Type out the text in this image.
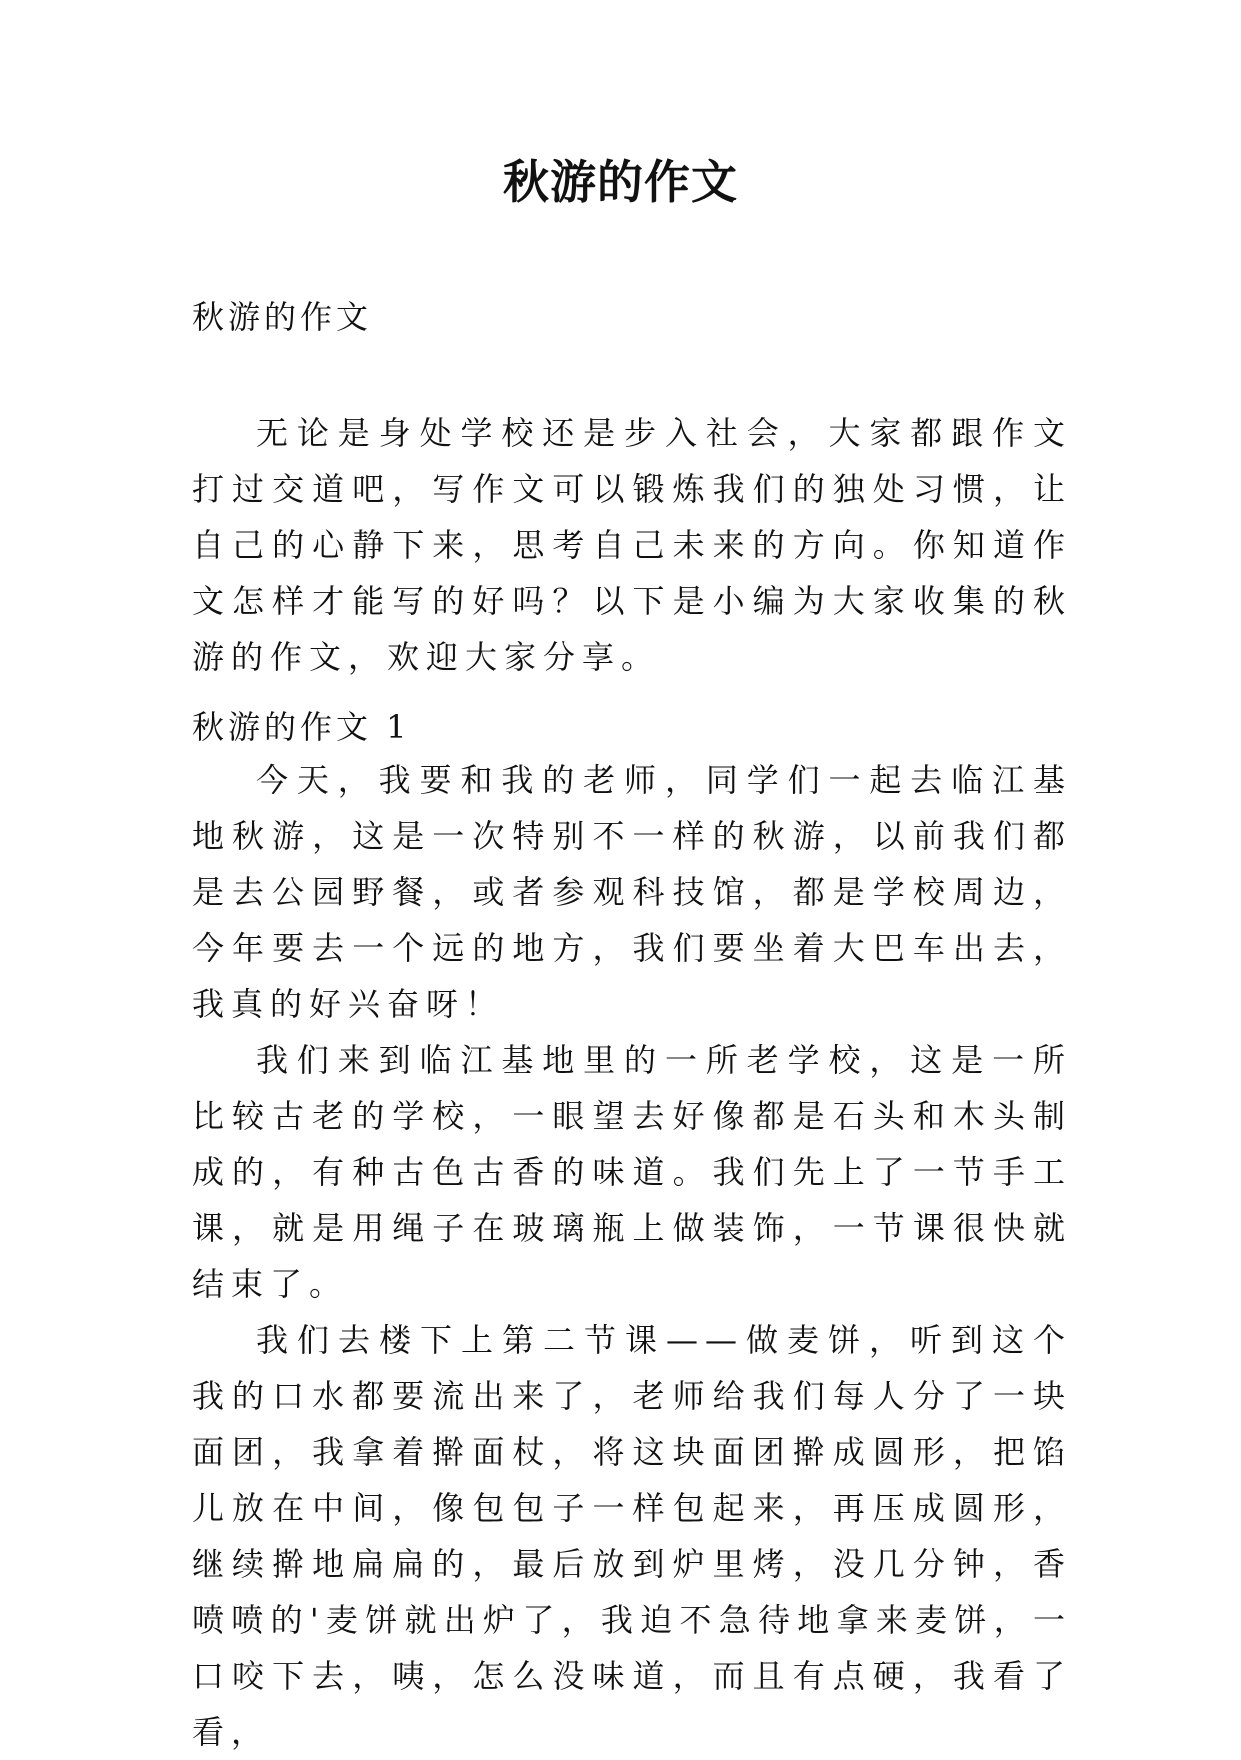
秋游的作文
秋游的作文

无论是身处学校还是步入社会，大家都跟作文打过交道吧，写作文可以锻炼我们的独处习惯，让自己的心静下来，思考自己未来的方向。你知道作文怎样才能写的好吗？以下是小编为大家收集的秋游的作文，欢迎大家分享。

秋游的作文 1

今天，我要和我的老师，同学们一起去临江基地秋游，这是一次特别不一样的秋游，以前我们都是去公园野餐，或者参观科技馆，都是学校周边，今年要去一个远的地方，我们要坐着大巴车出去，我真的好兴奋呀！

我们来到临江基地里的一所老学校，这是一所比较古老的学校，一眼望去好像都是石头和木头制成的，有种古色古香的味道。我们先上了一节手工课，就是用绳子在玻璃瓶上做装饰，一节课很快就结束了。

我们去楼下上第二节课——做麦饼，听到这个我的口水都要流出来了，老师给我们每人分了一块面团，我拿着擀面杖，将这块面团擀成圆形，把馅儿放在中间，像包包子一样包起来，再压成圆形，继续擀地扁扁的，最后放到炉里烤，没几分钟，香喷喷的'麦饼就出炉了，我迫不急待地拿来麦饼，一口咬下去，咦，怎么没味道，而且有点硬，我看了看，
